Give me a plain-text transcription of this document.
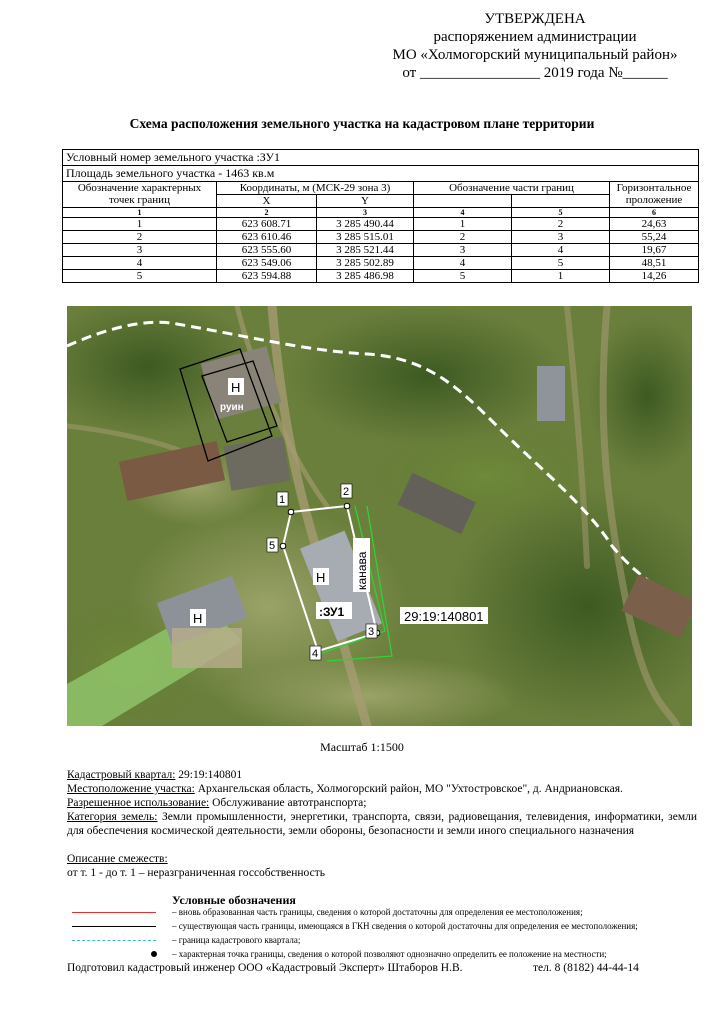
УТВЕРЖДЕНА
распоряжением администрации
МО «Холмогорский муниципальный район»
от ________________ 2019 года №______
Схема расположения земельного участка на кадастровом плане территории
Условный номер земельного участка :ЗУ1					
Площадь земельного участка - 1463 кв.м					
Обозначение характерных точек границ	Координаты, м (МСК-29 зона 3)		Обозначение части границ		Горизонтальное проложение
	X	Y			
1	2	3	4	5	6
1	623 608.71	3 285 490.44	1	2	24,63
2	623 610.46	3 285 515.01	2	3	55,24
3	623 555.60	3 285 521.44	3	4	19,67
4	623 549.06	3 285 502.89	4	5	48,51
5	623 594.88	3 285 486.98	5	1	14,26
1
2
3
4
5
Н
руин
Н
:ЗУ1
Н
канава
29:19:140801
Масштаб 1:1500
Кадастровый квартал: 29:19:140801
Местоположение участка: Архангельская область, Холмогорский район, МО "Ухтостровское", д. Андриановская.
Разрешенное использование: Обслуживание автотранспорта;
Категория земель: Земли промышленности, энергетики, транспорта, связи, радиовещания, телевидения, информатики, земли для обеспечения космической деятельности, земли обороны, безопасности и земли иного специального назначения
Описание смежеств:
от т. 1 - до т. 1 – неразграниченная госсобственность
Условные обозначения
– вновь образованная часть границы, сведения о которой достаточны для определения ее местоположения;
– существующая часть границы, имеющаяся в ГКН сведения о которой достаточны для определения ее местоположения;
– граница кадастрового квартала;
– характерная точка границы, сведения о которой позволяют однозначно определить ее положение на местности;
Подготовил кадастровый инженер ООО «Кадастровый Эксперт» Штаборов Н.В.	тел. 8 (8182) 44-44-14
